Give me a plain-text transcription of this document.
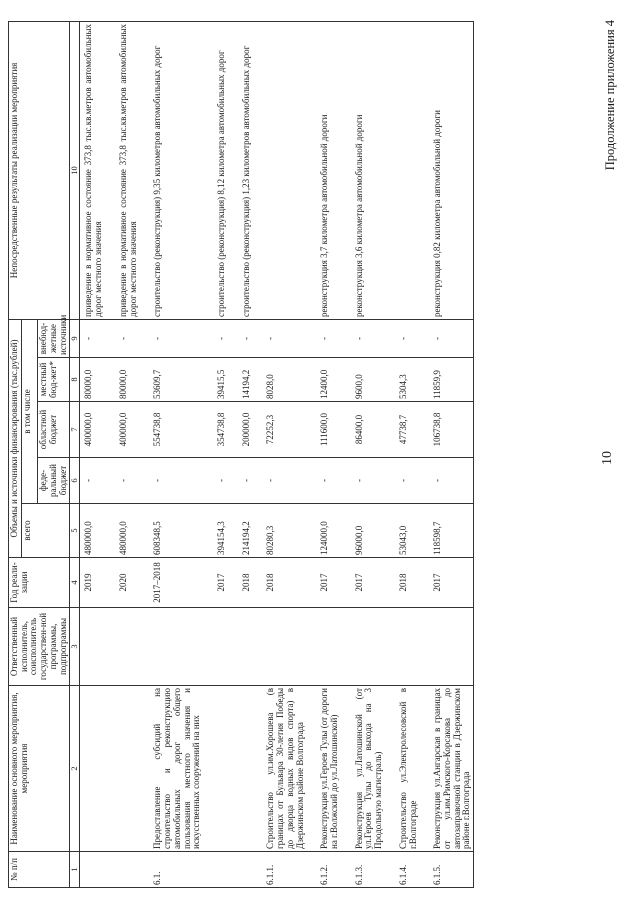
10
Продолжение приложения 4
№ п/п	Наименование основного мероприятия, мероприятия	Ответственный исполнитель, соисполнитель государствен-ной программы, подпрограммы	Год реали-зации	Объемы и источники финансирования (тыс.рублей)					Непосредственные результаты реализации мероприятия
				всего	в том числе				
					феде-ральный бюджет	областной бюджет	местный бюд-жет*	внебюд-жетные источники	
1	2	3	4	5	6	7	8	9	10
			2019	480000,0	-	400000,0	80000,0	-	приведение в нормативное состояние 373,8 тыс.кв.метров автомобильных дорог местного значения
			2020	480000,0	-	400000,0	80000,0	-	приведение в нормативное состояние 373,8 тыс.кв.метров автомобильных дорог местного значения
6.1.	Предоставление субсидий на строительство и реконструкцию автомобильных дорог общего пользования местного значения и искусственных сооружений на них		2017–2018	608348,5	-	554738,8	53609,7	-	строительство (реконструкция) 9,35 километров автомобильных дорог
			2017	394154,3	-	354738,8	39415,5	-	строительство (реконструкция) 8,12 километра автомобильных дорог
			2018	214194,2	-	200000,0	14194,2	-	строительство (реконструкция) 1,23 километров автомобильных дорог
6.1.1.	Строительство ул.им.Хорошева (в границах от Бульвара 30-летия Победы до дворца водных видов спорта) в Дзержинском районе Волгограда		2018	80280,3	-	72252,3	8028,0	-	
6.1.2.	Реконструкция ул.Героев Тулы (от дороги на г.Волжский до ул.Латошинской)		2017	124000,0	-	111600,0	12400,0	-	реконструкция 3,7 километра автомобильной дороги
6.1.3.	Реконструкция ул.Латошинской (от ул.Героев Тулы до выхода на 3 Продольную магистраль)		2017	96000,0	-	86400,0	9600,0	-	реконструкция 3,6 километра автомобильной дороги
6.1.4.	Строительство ул.Электролесовской в г.Волгограде		2018	53043,0	-	47738,7	5304,3	-	
6.1.5.	Реконструкция ул.Ангарская в границах от ул.им.Римского-Корсакова до автозаправочной станции в Дзержинском районе г.Волгограда		2017	118598,7	-	106738,8	11859,9	-	реконструкция 0,82 километра автомобильной дороги
